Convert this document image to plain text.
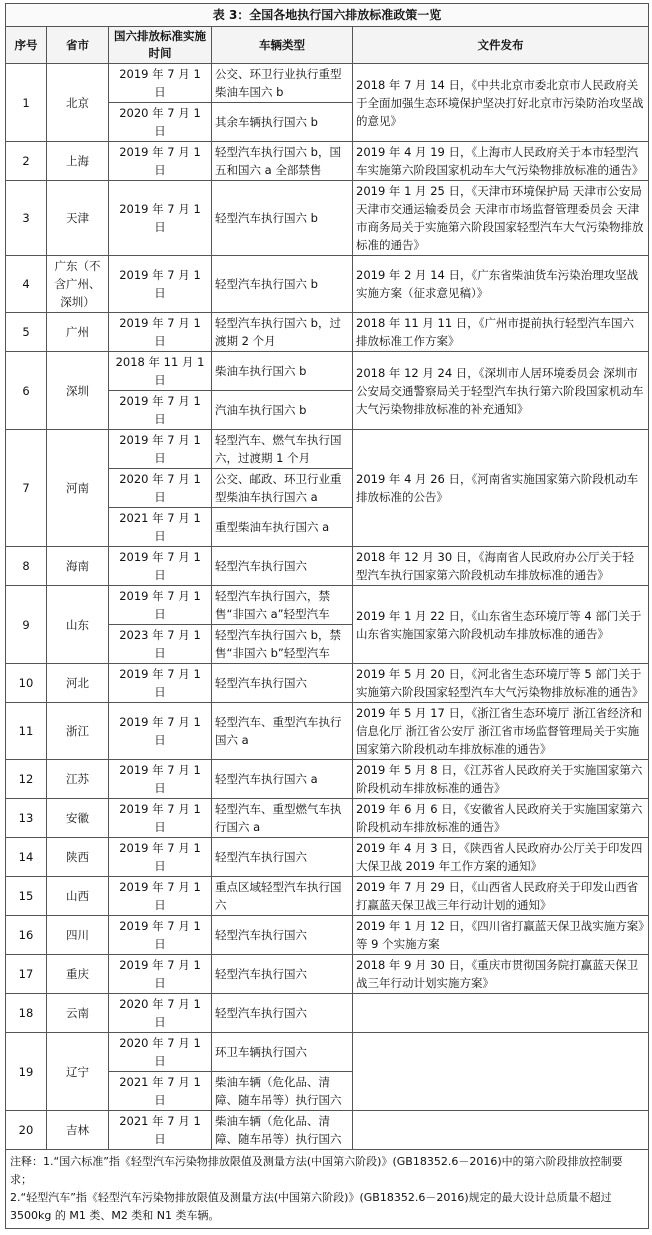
表 3：全国各地执行国六排放标准政策一览				
序号	省市	国六排放标准实施时间	车辆类型	文件发布
1	北京	2019 年 7 月 1 日	公交、环卫行业执行重型柴油车国六 b	2018 年 7 月 14 日，《中共北京市委北京市人民政府关于全面加强生态环境保护坚决打好北京市污染防治攻坚战的意见》
		2020 年 7 月 1 日	其余车辆执行国六 b	
2	上海	2019 年 7 月 1 日	轻型汽车执行国六 b，国五和国六 a 全部禁售	2019 年 4 月 19 日，《上海市人民政府关于本市轻型汽车实施第六阶段国家机动车大气污染物排放标准的通告》
3	天津	2019 年 7 月 1 日	轻型汽车执行国六 b	2019 年 1 月 25 日，《天津市环境保护局 天津市公安局 天津市交通运输委员会 天津市市场监督管理委员会 天津市商务局关于实施第六阶段国家轻型汽车大气污染物排放标准的通告》
4	广东（不含广州、深圳）	2019 年 7 月 1 日	轻型汽车执行国六 b	2019 年 2 月 14 日，《广东省柴油货车污染治理攻坚战实施方案（征求意见稿）》
5	广州	2019 年 7 月 1 日	轻型汽车执行国六 b，过渡期 2 个月	2018 年 11 月 11 日，《广州市提前执行轻型汽车国六排放标准工作方案》
6	深圳	2018 年 11 月 1 日	柴油车执行国六 b	2018 年 12 月 24 日，《深圳市人居环境委员会 深圳市公安局交通警察局关于轻型汽车执行第六阶段国家机动车大气污染物排放标准的补充通知》
		2019 年 7 月 1 日	汽油车执行国六 b	
7	河南	2019 年 7 月 1 日	轻型汽车、燃气车执行国六，过渡期 1 个月	2019 年 4 月 26 日，《河南省实施国家第六阶段机动车排放标准的公告》
		2020 年 7 月 1 日	公交、邮政、环卫行业重型柴油车执行国六 a	
		2021 年 7 月 1 日	重型柴油车执行国六 a	
8	海南	2019 年 7 月 1 日	轻型汽车执行国六	2018 年 12 月 30 日，《海南省人民政府办公厅关于轻型汽车执行国家第六阶段机动车排放标准的通告》
9	山东	2019 年 7 月 1 日	轻型汽车执行国六，禁售“非国六 a”轻型汽车	2019 年 1 月 22 日，《山东省生态环境厅等 4 部门关于山东省实施国家第六阶段机动车排放标准的通告》
		2023 年 7 月 1 日	轻型汽车执行国六 b，禁售“非国六 b”轻型汽车	
10	河北	2019 年 7 月 1 日	轻型汽车执行国六	2019 年 5 月 20 日，《河北省生态环境厅等 5 部门关于实施第六阶段国家轻型汽车大气污染物排放标准的通告》
11	浙江	2019 年 7 月 1 日	轻型汽车、重型汽车执行国六 a	2019 年 5 月 17 日，《浙江省生态环境厅 浙江省经济和信息化厅 浙江省公安厅 浙江省市场监督管理局关于实施国家第六阶段机动车排放标准的通告》
12	江苏	2019 年 7 月 1 日	轻型汽车执行国六 a	2019 年 5 月 8 日，《江苏省人民政府关于实施国家第六阶段机动车排放标准的通告》
13	安徽	2019 年 7 月 1 日	轻型汽车、重型燃气车执行国六 a	2019 年 6 月 6 日，《安徽省人民政府关于实施国家第六阶段机动车排放标准的通告》
14	陕西	2019 年 7 月 1 日	轻型汽车执行国六	2019 年 4 月 3 日，《陕西省人民政府办公厅关于印发四大保卫战 2019 年工作方案的通知》
15	山西	2019 年 7 月 1 日	重点区域轻型汽车执行国六	2019 年 7 月 29 日，《山西省人民政府关于印发山西省打赢蓝天保卫战三年行动计划的通知》
16	四川	2019 年 7 月 1 日	轻型汽车执行国六	2019 年 1 月 12 日，《四川省打赢蓝天保卫战实施方案》等 9 个实施方案
17	重庆	2019 年 7 月 1 日	轻型汽车执行国六	2018 年 9 月 30 日，《重庆市贯彻国务院打赢蓝天保卫战三年行动计划实施方案》
18	云南	2020 年 7 月 1 日	轻型汽车执行国六	
19	辽宁	2020 年 7 月 1 日	环卫车辆执行国六	
		2021 年 7 月 1 日	柴油车辆（危化品、清障、随车吊等）执行国六	
20	吉林	2021 年 7 月 1 日	柴油车辆（危化品、清障、随车吊等）执行国六	

注释：1.“国六标准”指《轻型汽车污染物排放限值及测量方法(中国第六阶段)》(GB18352.6－2016)中的第六阶段排放控制要求；
2.“轻型汽车”指《轻型汽车污染物排放限值及测量方法(中国第六阶段)》(GB18352.6－2016)规定的最大设计总质量不超过 3500kg 的 M1 类、M2 类和 N1 类车辆。				
